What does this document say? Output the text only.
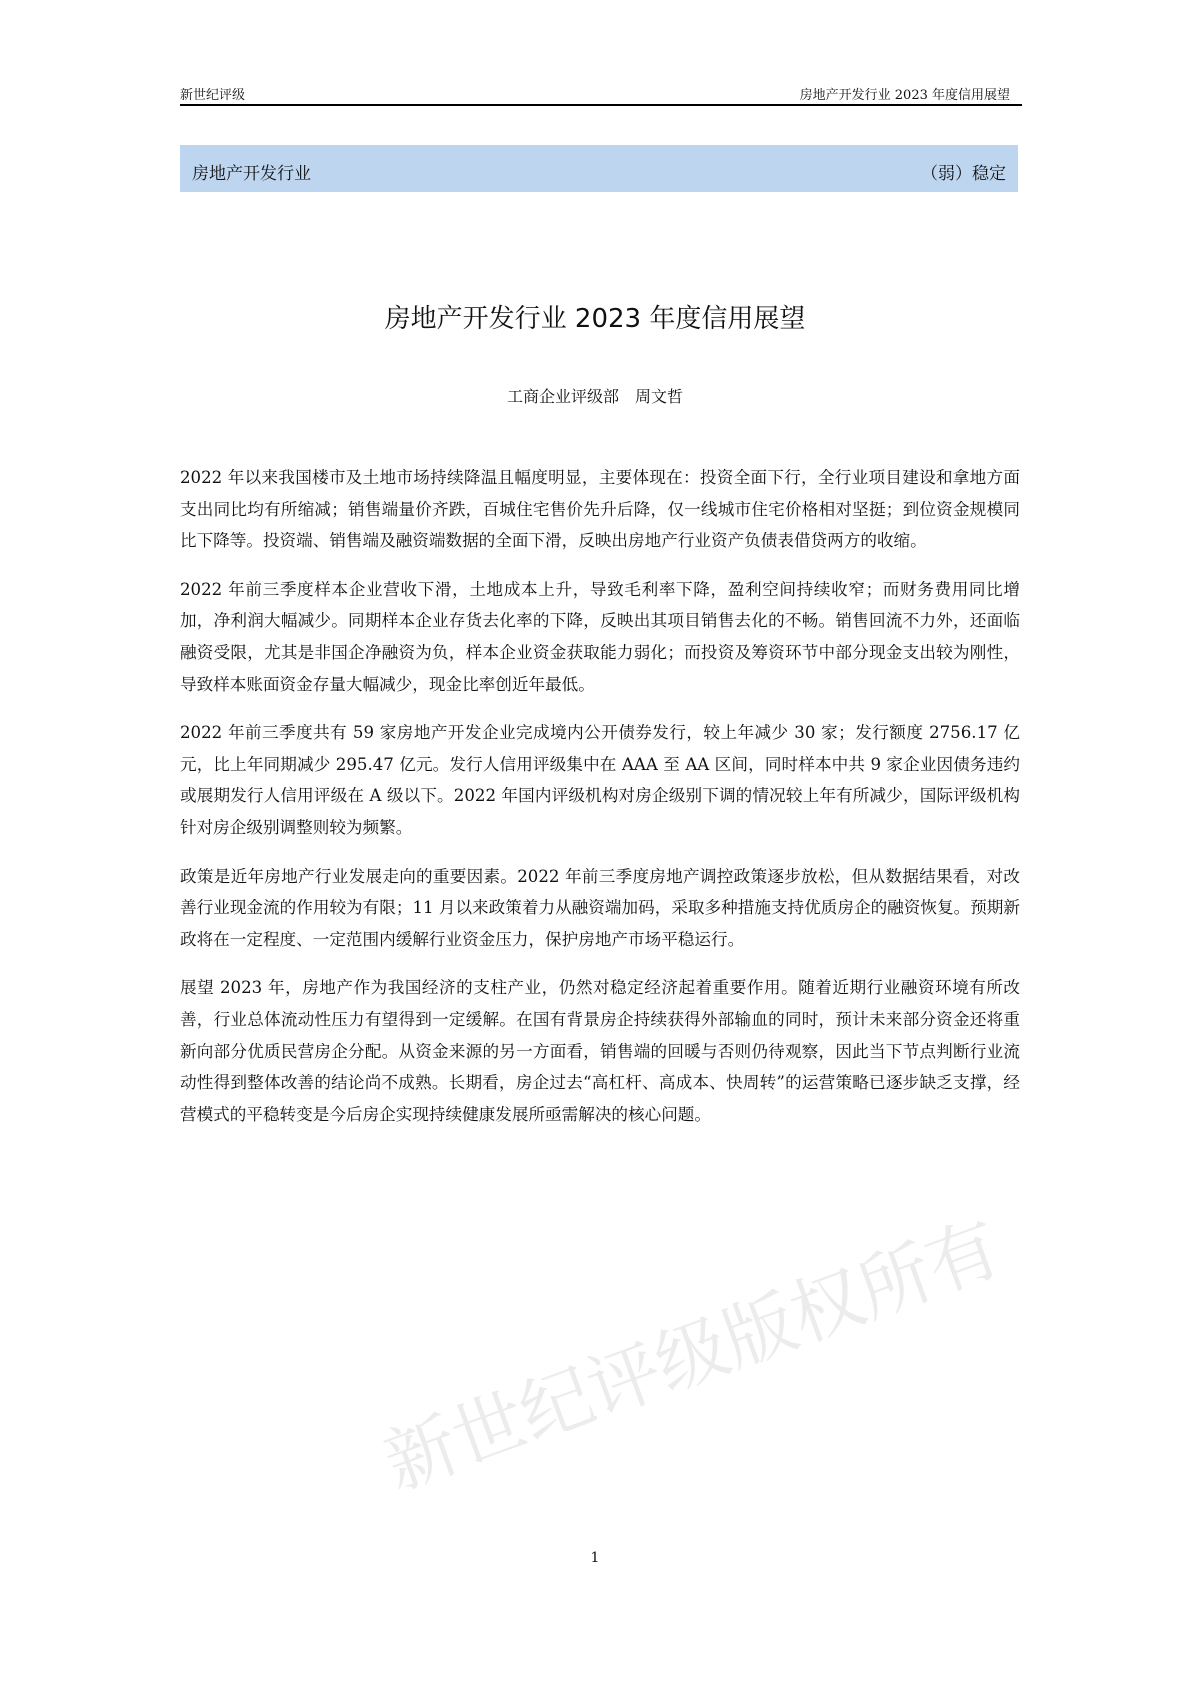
新世纪评级版权所有
新世纪评级	房地产开发行业 2023 年度信用展望
房地产开发行业	（弱）稳定
房地产开发行业 2023 年度信用展望
工商企业评级部　周文哲

2022 年以来我国楼市及土地市场持续降温且幅度明显，主要体现在：投资全面下行，全行业项目建设和拿地方面支出同比均有所缩减；销售端量价齐跌，百城住宅售价先升后降，仅一线城市住宅价格相对坚挺；到位资金规模同比下降等。投资端、销售端及融资端数据的全面下滑，反映出房地产行业资产负债表借贷两方的收缩。

2022 年前三季度样本企业营收下滑，土地成本上升，导致毛利率下降，盈利空间持续收窄；而财务费用同比增加，净利润大幅减少。同期样本企业存货去化率的下降，反映出其项目销售去化的不畅。销售回流不力外，还面临融资受限，尤其是非国企净融资为负，样本企业资金获取能力弱化；而投资及筹资环节中部分现金支出较为刚性，导致样本账面资金存量大幅减少，现金比率创近年最低。

2022 年前三季度共有 59 家房地产开发企业完成境内公开债券发行，较上年减少 30 家；发行额度 2756.17 亿元，比上年同期减少 295.47 亿元。发行人信用评级集中在 AAA 至 AA 区间，同时样本中共 9 家企业因债务违约或展期发行人信用评级在 A 级以下。2022 年国内评级机构对房企级别下调的情况较上年有所减少，国际评级机构针对房企级别调整则较为频繁。

政策是近年房地产行业发展走向的重要因素。2022 年前三季度房地产调控政策逐步放松，但从数据结果看，对改善行业现金流的作用较为有限；11 月以来政策着力从融资端加码，采取多种措施支持优质房企的融资恢复。预期新政将在一定程度、一定范围内缓解行业资金压力，保护房地产市场平稳运行。

展望 2023 年，房地产作为我国经济的支柱产业，仍然对稳定经济起着重要作用。随着近期行业融资环境有所改善，行业总体流动性压力有望得到一定缓解。在国有背景房企持续获得外部输血的同时，预计未来部分资金还将重新向部分优质民营房企分配。从资金来源的另一方面看，销售端的回暖与否则仍待观察，因此当下节点判断行业流动性得到整体改善的结论尚不成熟。长期看，房企过去“高杠杆、高成本、快周转”的运营策略已逐步缺乏支撑，经营模式的平稳转变是今后房企实现持续健康发展所亟需解决的核心问题。

1
